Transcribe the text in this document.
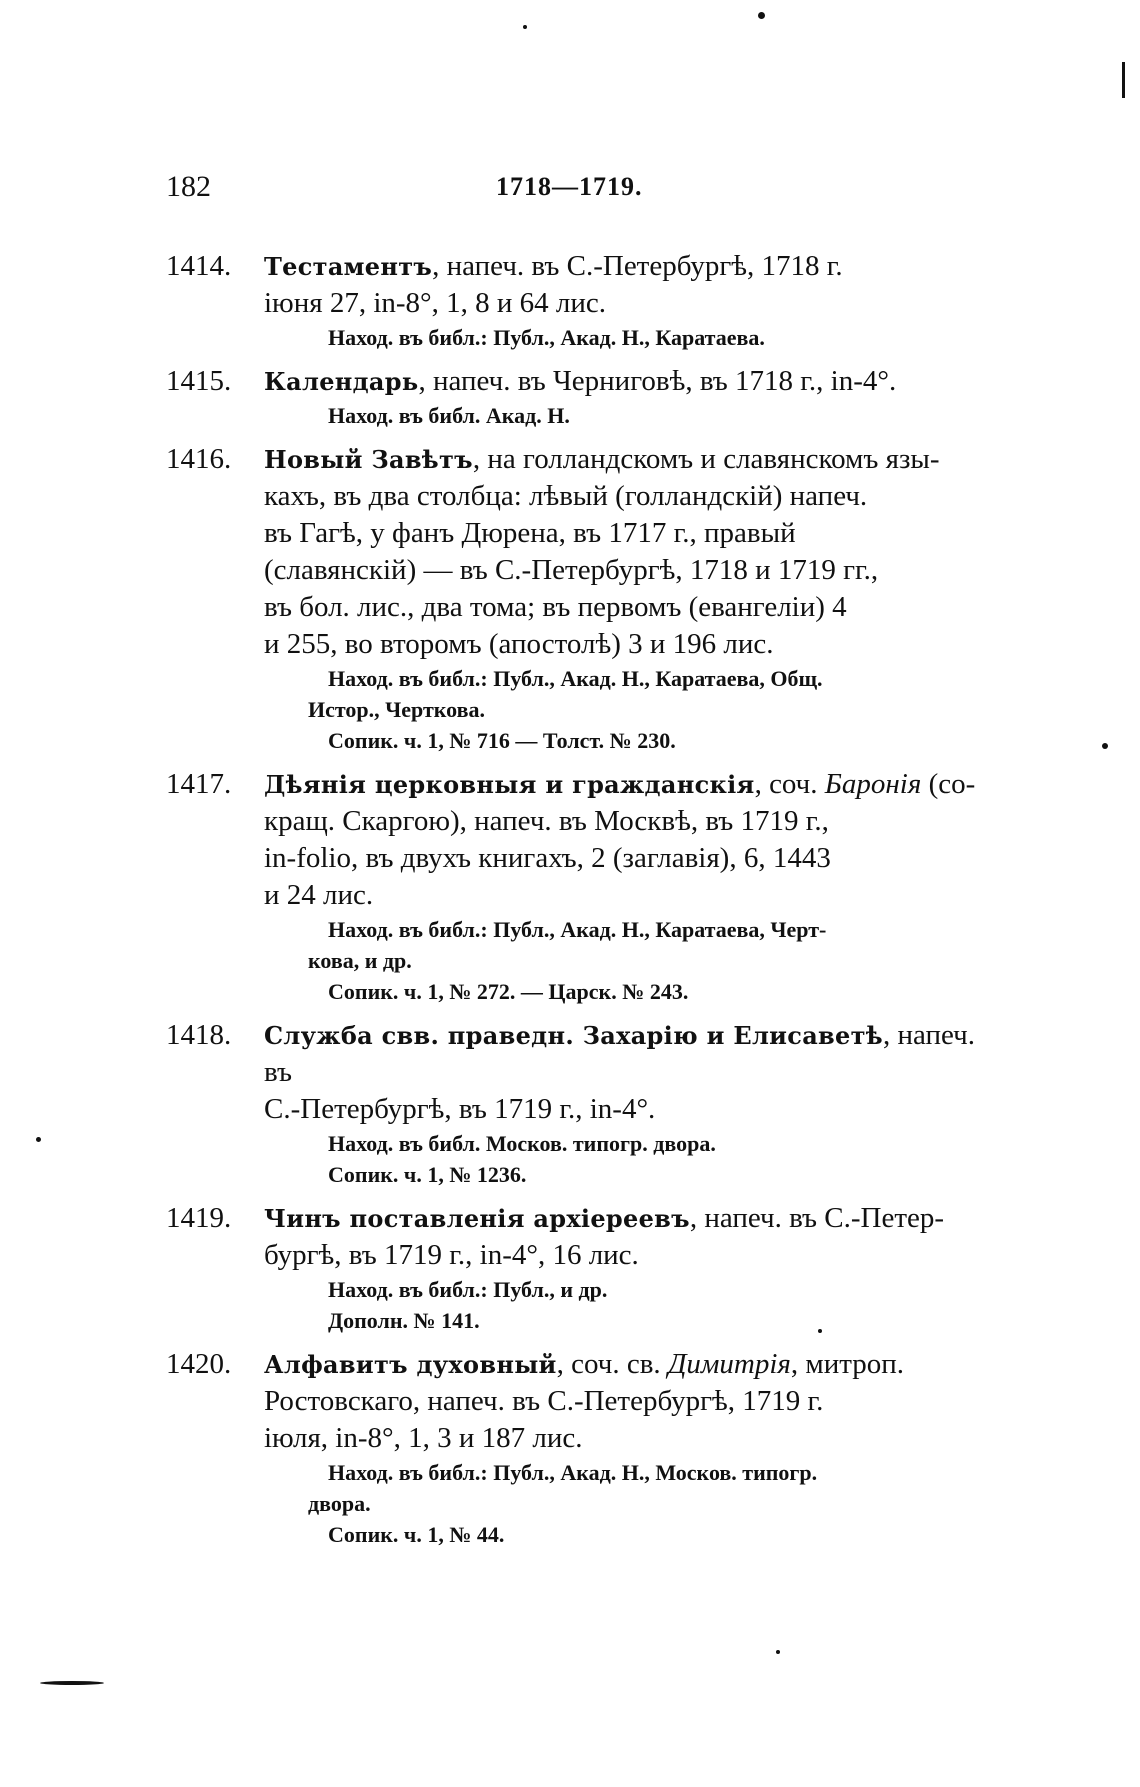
182	1718—1719.
1414. Тестаментъ, напеч. въ С.-Петербургѣ, 1718 г.
іюня 27, in-8°, 1, 8 и 64 лис.
Наход. въ библ.: Публ., Акад. Н., Каратаева.
1415. Календарь, напеч. въ Черниговѣ, въ 1718 г., in-4°.
Наход. въ библ. Акад. Н.
1416. Новый Завѣтъ, на голландскомъ и славянскомъ язы-
кахъ, въ два столбца: лѣвый (голландскій) напеч.
въ Гагѣ, у фанъ Дюрена, въ 1717 г., правый
(славянскій) — въ С.-Петербургѣ, 1718 и 1719 гг.,
въ бол. лис., два тома; въ первомъ (евангеліи) 4
и 255, во второмъ (апостолѣ) 3 и 196 лис.
Наход. въ библ.: Публ., Акад. Н., Каратаева, Общ.
Истор., Черткова.
Сопик. ч. 1, № 716 — Толст. № 230.
1417. Дѣянія церковныя и гражданскія, соч. Баронія (со-
кращ. Скаргою), напеч. въ Москвѣ, въ 1719 г.,
in-folio, въ двухъ книгахъ, 2 (заглавія), 6, 1443
и 24 лис.
Наход. въ библ.: Публ., Акад. Н., Каратаева, Черт-
кова, и др.
Сопик. ч. 1, № 272. — Царск. № 243.
1418. Служба свв. праведн. Захарію и Елисаветѣ, напеч. въ
С.-Петербургѣ, въ 1719 г., in-4°.
Наход. въ библ. Москов. типогр. двора.
Сопик. ч. 1, № 1236.
1419. Чинъ поставленія архіереевъ, напеч. въ С.-Петер-
бургѣ, въ 1719 г., in-4°, 16 лис.
Наход. въ библ.: Публ., и др.
Дополн. № 141.
1420. Алфавитъ духовный, соч. св. Димитрія, митроп.
Ростовскаго, напеч. въ С.-Петербургѣ, 1719 г.
іюля, in-8°, 1, 3 и 187 лис.
Наход. въ библ.: Публ., Акад. Н., Москов. типогр.
двора.
Сопик. ч. 1, № 44.
